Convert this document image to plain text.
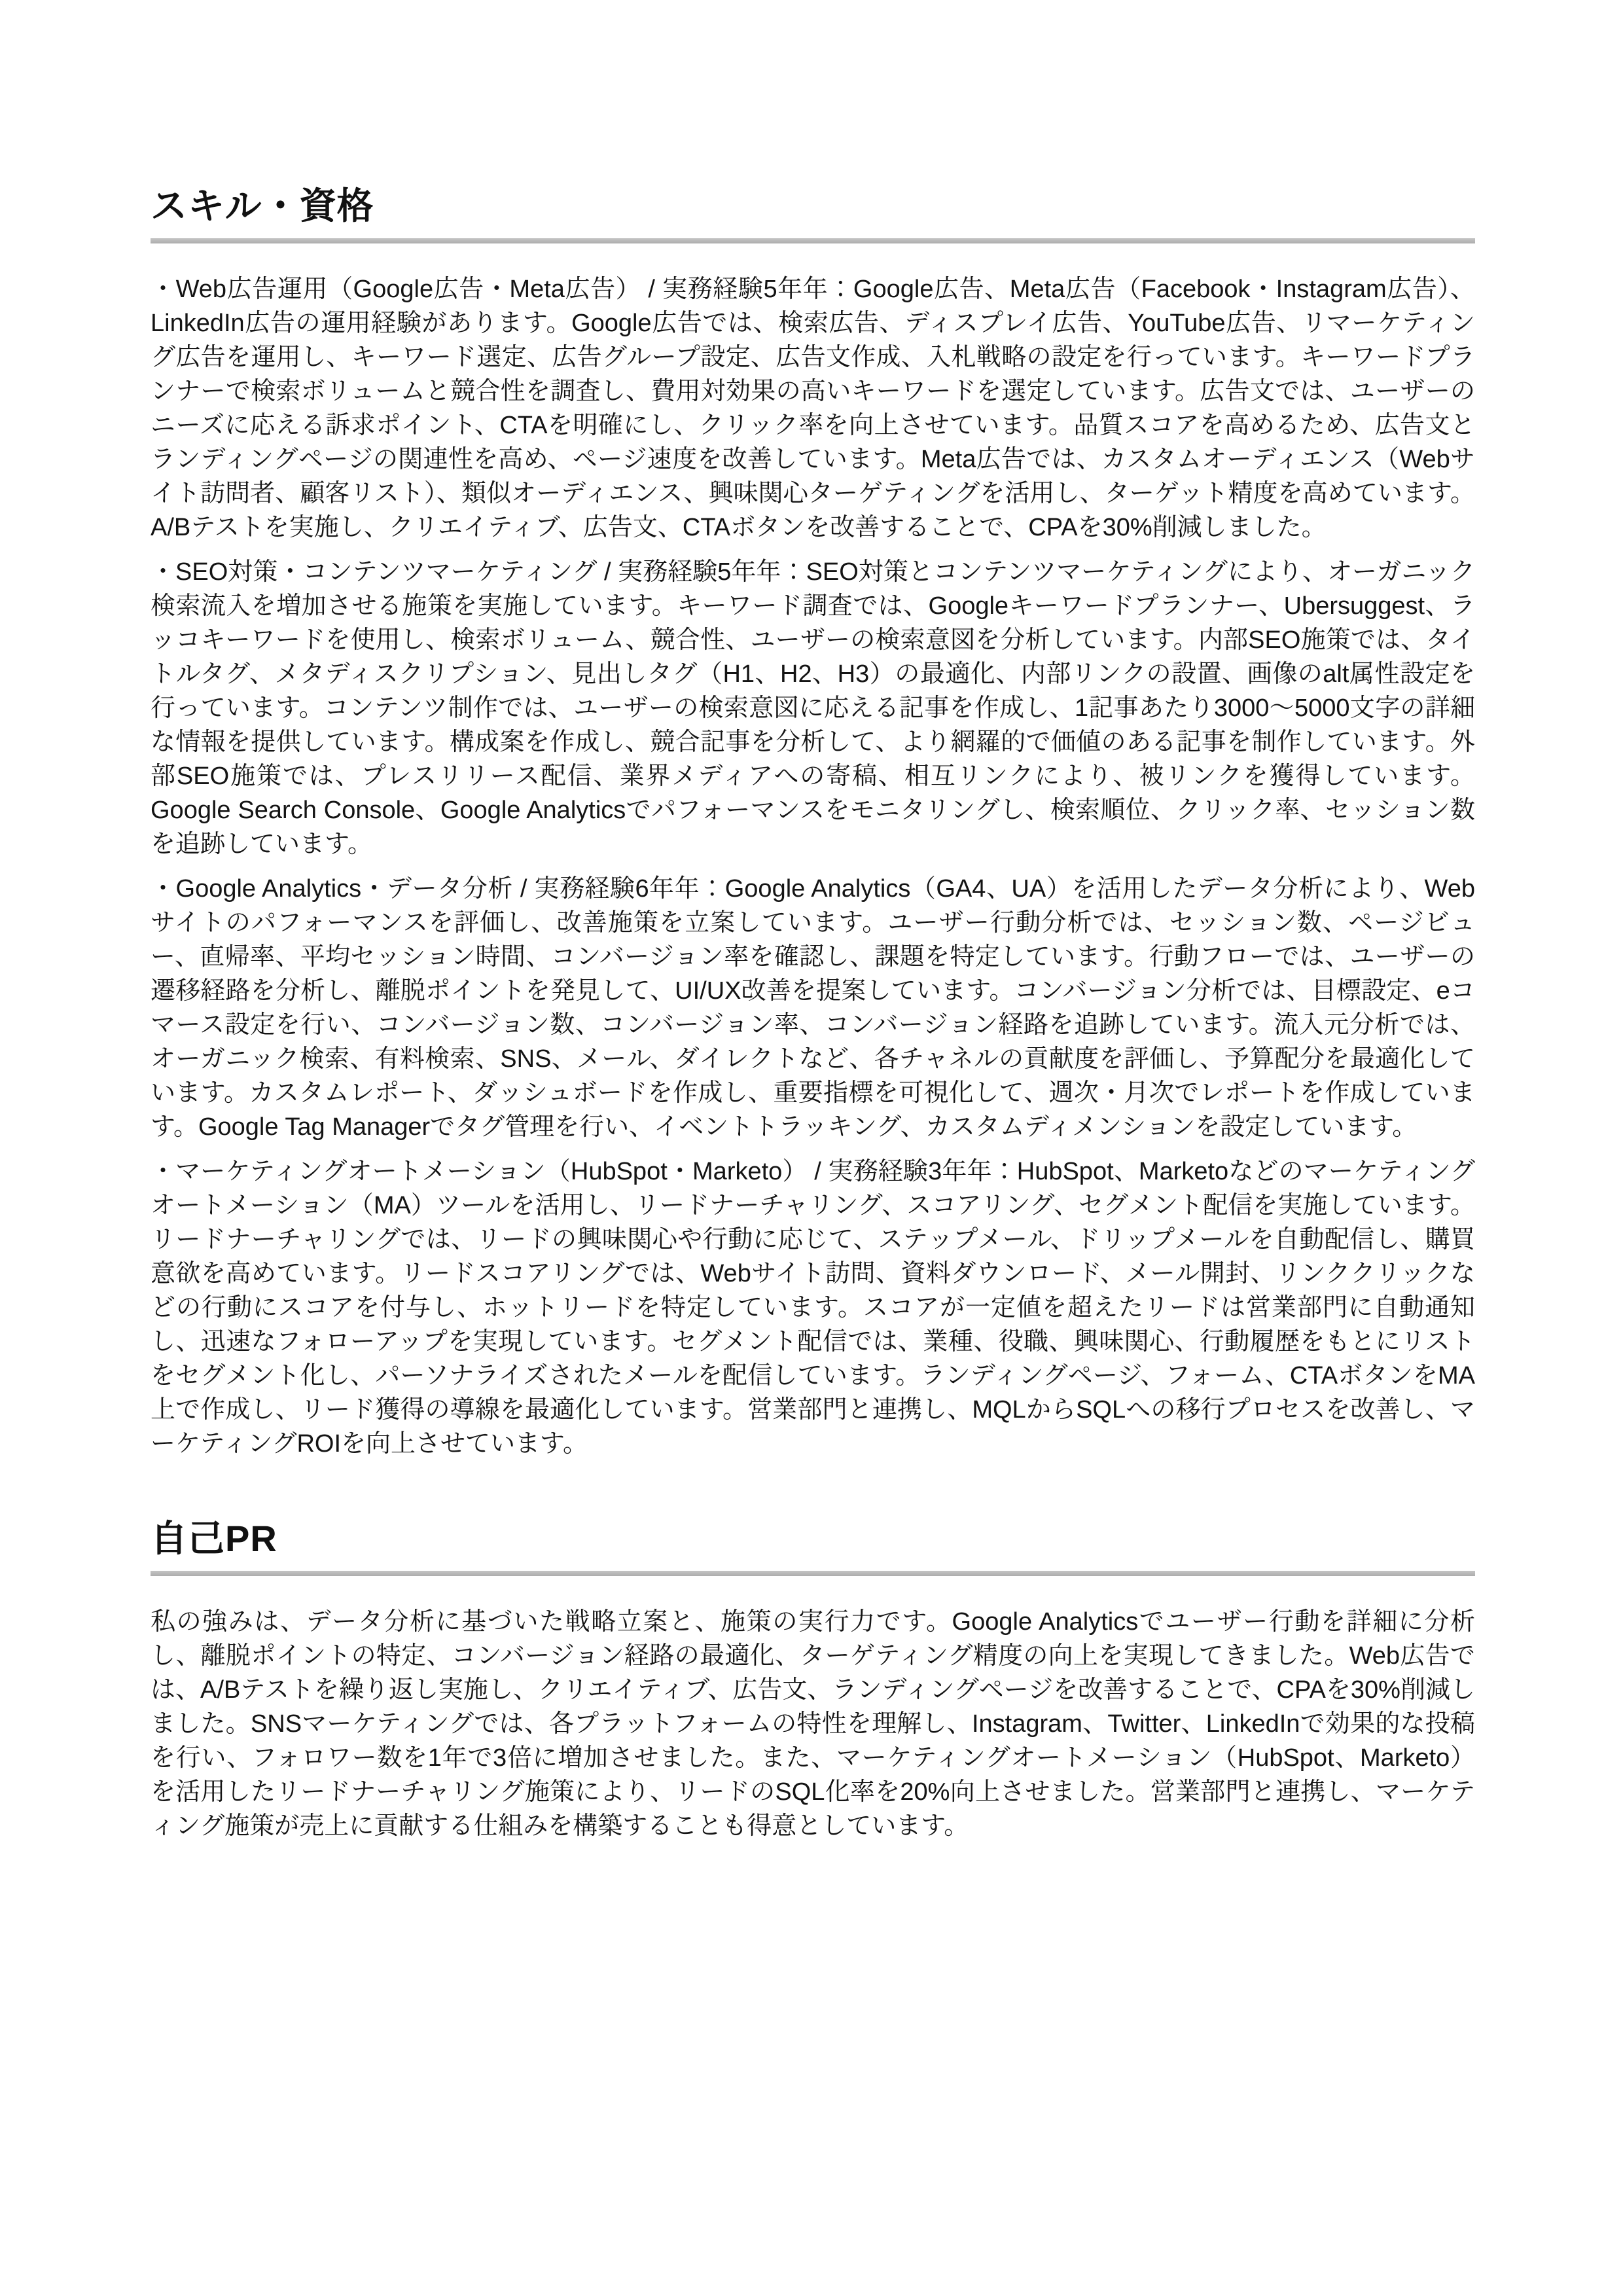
スキル・資格

・Web広告運用（Google広告・Meta広告） / 実務経験5年年：Google広告、Meta広告（Facebook・Instagram広告）、LinkedIn広告の運用経験があります。Google広告では、検索広告、ディスプレイ広告、YouTube広告、リマーケティング広告を運用し、キーワード選定、広告グループ設定、広告文作成、入札戦略の設定を行っています。キーワードプランナーで検索ボリュームと競合性を調査し、費用対効果の高いキーワードを選定しています。広告文では、ユーザーのニーズに応える訴求ポイント、CTAを明確にし、クリック率を向上させています。品質スコアを高めるため、広告文とランディングページの関連性を高め、ページ速度を改善しています。Meta広告では、カスタムオーディエンス（Webサイト訪問者、顧客リスト）、類似オーディエンス、興味関心ターゲティングを活用し、ターゲット精度を高めています。A/Bテストを実施し、クリエイティブ、広告文、CTAボタンを改善することで、CPAを30%削減しました。

・SEO対策・コンテンツマーケティング / 実務経験5年年：SEO対策とコンテンツマーケティングにより、オーガニック検索流入を増加させる施策を実施しています。キーワード調査では、Googleキーワードプランナー、Ubersuggest、ラッコキーワードを使用し、検索ボリューム、競合性、ユーザーの検索意図を分析しています。内部SEO施策では、タイトルタグ、メタディスクリプション、見出しタグ（H1、H2、H3）の最適化、内部リンクの設置、画像のalt属性設定を行っています。コンテンツ制作では、ユーザーの検索意図に応える記事を作成し、1記事あたり3000〜5000文字の詳細な情報を提供しています。構成案を作成し、競合記事を分析して、より網羅的で価値のある記事を制作しています。外部SEO施策では、プレスリリース配信、業界メディアへの寄稿、相互リンクにより、被リンクを獲得しています。Google Search Console、Google Analyticsでパフォーマンスをモニタリングし、検索順位、クリック率、セッション数を追跡しています。

・Google Analytics・データ分析 / 実務経験6年年：Google Analytics（GA4、UA）を活用したデータ分析により、Webサイトのパフォーマンスを評価し、改善施策を立案しています。ユーザー行動分析では、セッション数、ページビュー、直帰率、平均セッション時間、コンバージョン率を確認し、課題を特定しています。行動フローでは、ユーザーの遷移経路を分析し、離脱ポイントを発見して、UI/UX改善を提案しています。コンバージョン分析では、目標設定、eコマース設定を行い、コンバージョン数、コンバージョン率、コンバージョン経路を追跡しています。流入元分析では、オーガニック検索、有料検索、SNS、メール、ダイレクトなど、各チャネルの貢献度を評価し、予算配分を最適化しています。カスタムレポート、ダッシュボードを作成し、重要指標を可視化して、週次・月次でレポートを作成しています。Google Tag Managerでタグ管理を行い、イベントトラッキング、カスタムディメンションを設定しています。

・マーケティングオートメーション（HubSpot・Marketo） / 実務経験3年年：HubSpot、Marketoなどのマーケティングオートメーション（MA）ツールを活用し、リードナーチャリング、スコアリング、セグメント配信を実施しています。リードナーチャリングでは、リードの興味関心や行動に応じて、ステップメール、ドリップメールを自動配信し、購買意欲を高めています。リードスコアリングでは、Webサイト訪問、資料ダウンロード、メール開封、リンククリックなどの行動にスコアを付与し、ホットリードを特定しています。スコアが一定値を超えたリードは営業部門に自動通知し、迅速なフォローアップを実現しています。セグメント配信では、業種、役職、興味関心、行動履歴をもとにリストをセグメント化し、パーソナライズされたメールを配信しています。ランディングページ、フォーム、CTAボタンをMA上で作成し、リード獲得の導線を最適化しています。営業部門と連携し、MQLからSQLへの移行プロセスを改善し、マーケティングROIを向上させています。

自己PR

私の強みは、データ分析に基づいた戦略立案と、施策の実行力です。Google Analyticsでユーザー行動を詳細に分析し、離脱ポイントの特定、コンバージョン経路の最適化、ターゲティング精度の向上を実現してきました。Web広告では、A/Bテストを繰り返し実施し、クリエイティブ、広告文、ランディングページを改善することで、CPAを30%削減しました。SNSマーケティングでは、各プラットフォームの特性を理解し、Instagram、Twitter、LinkedInで効果的な投稿を行い、フォロワー数を1年で3倍に増加させました。また、マーケティングオートメーション（HubSpot、Marketo）を活用したリードナーチャリング施策により、リードのSQL化率を20%向上させました。営業部門と連携し、マーケティング施策が売上に貢献する仕組みを構築することも得意としています。
